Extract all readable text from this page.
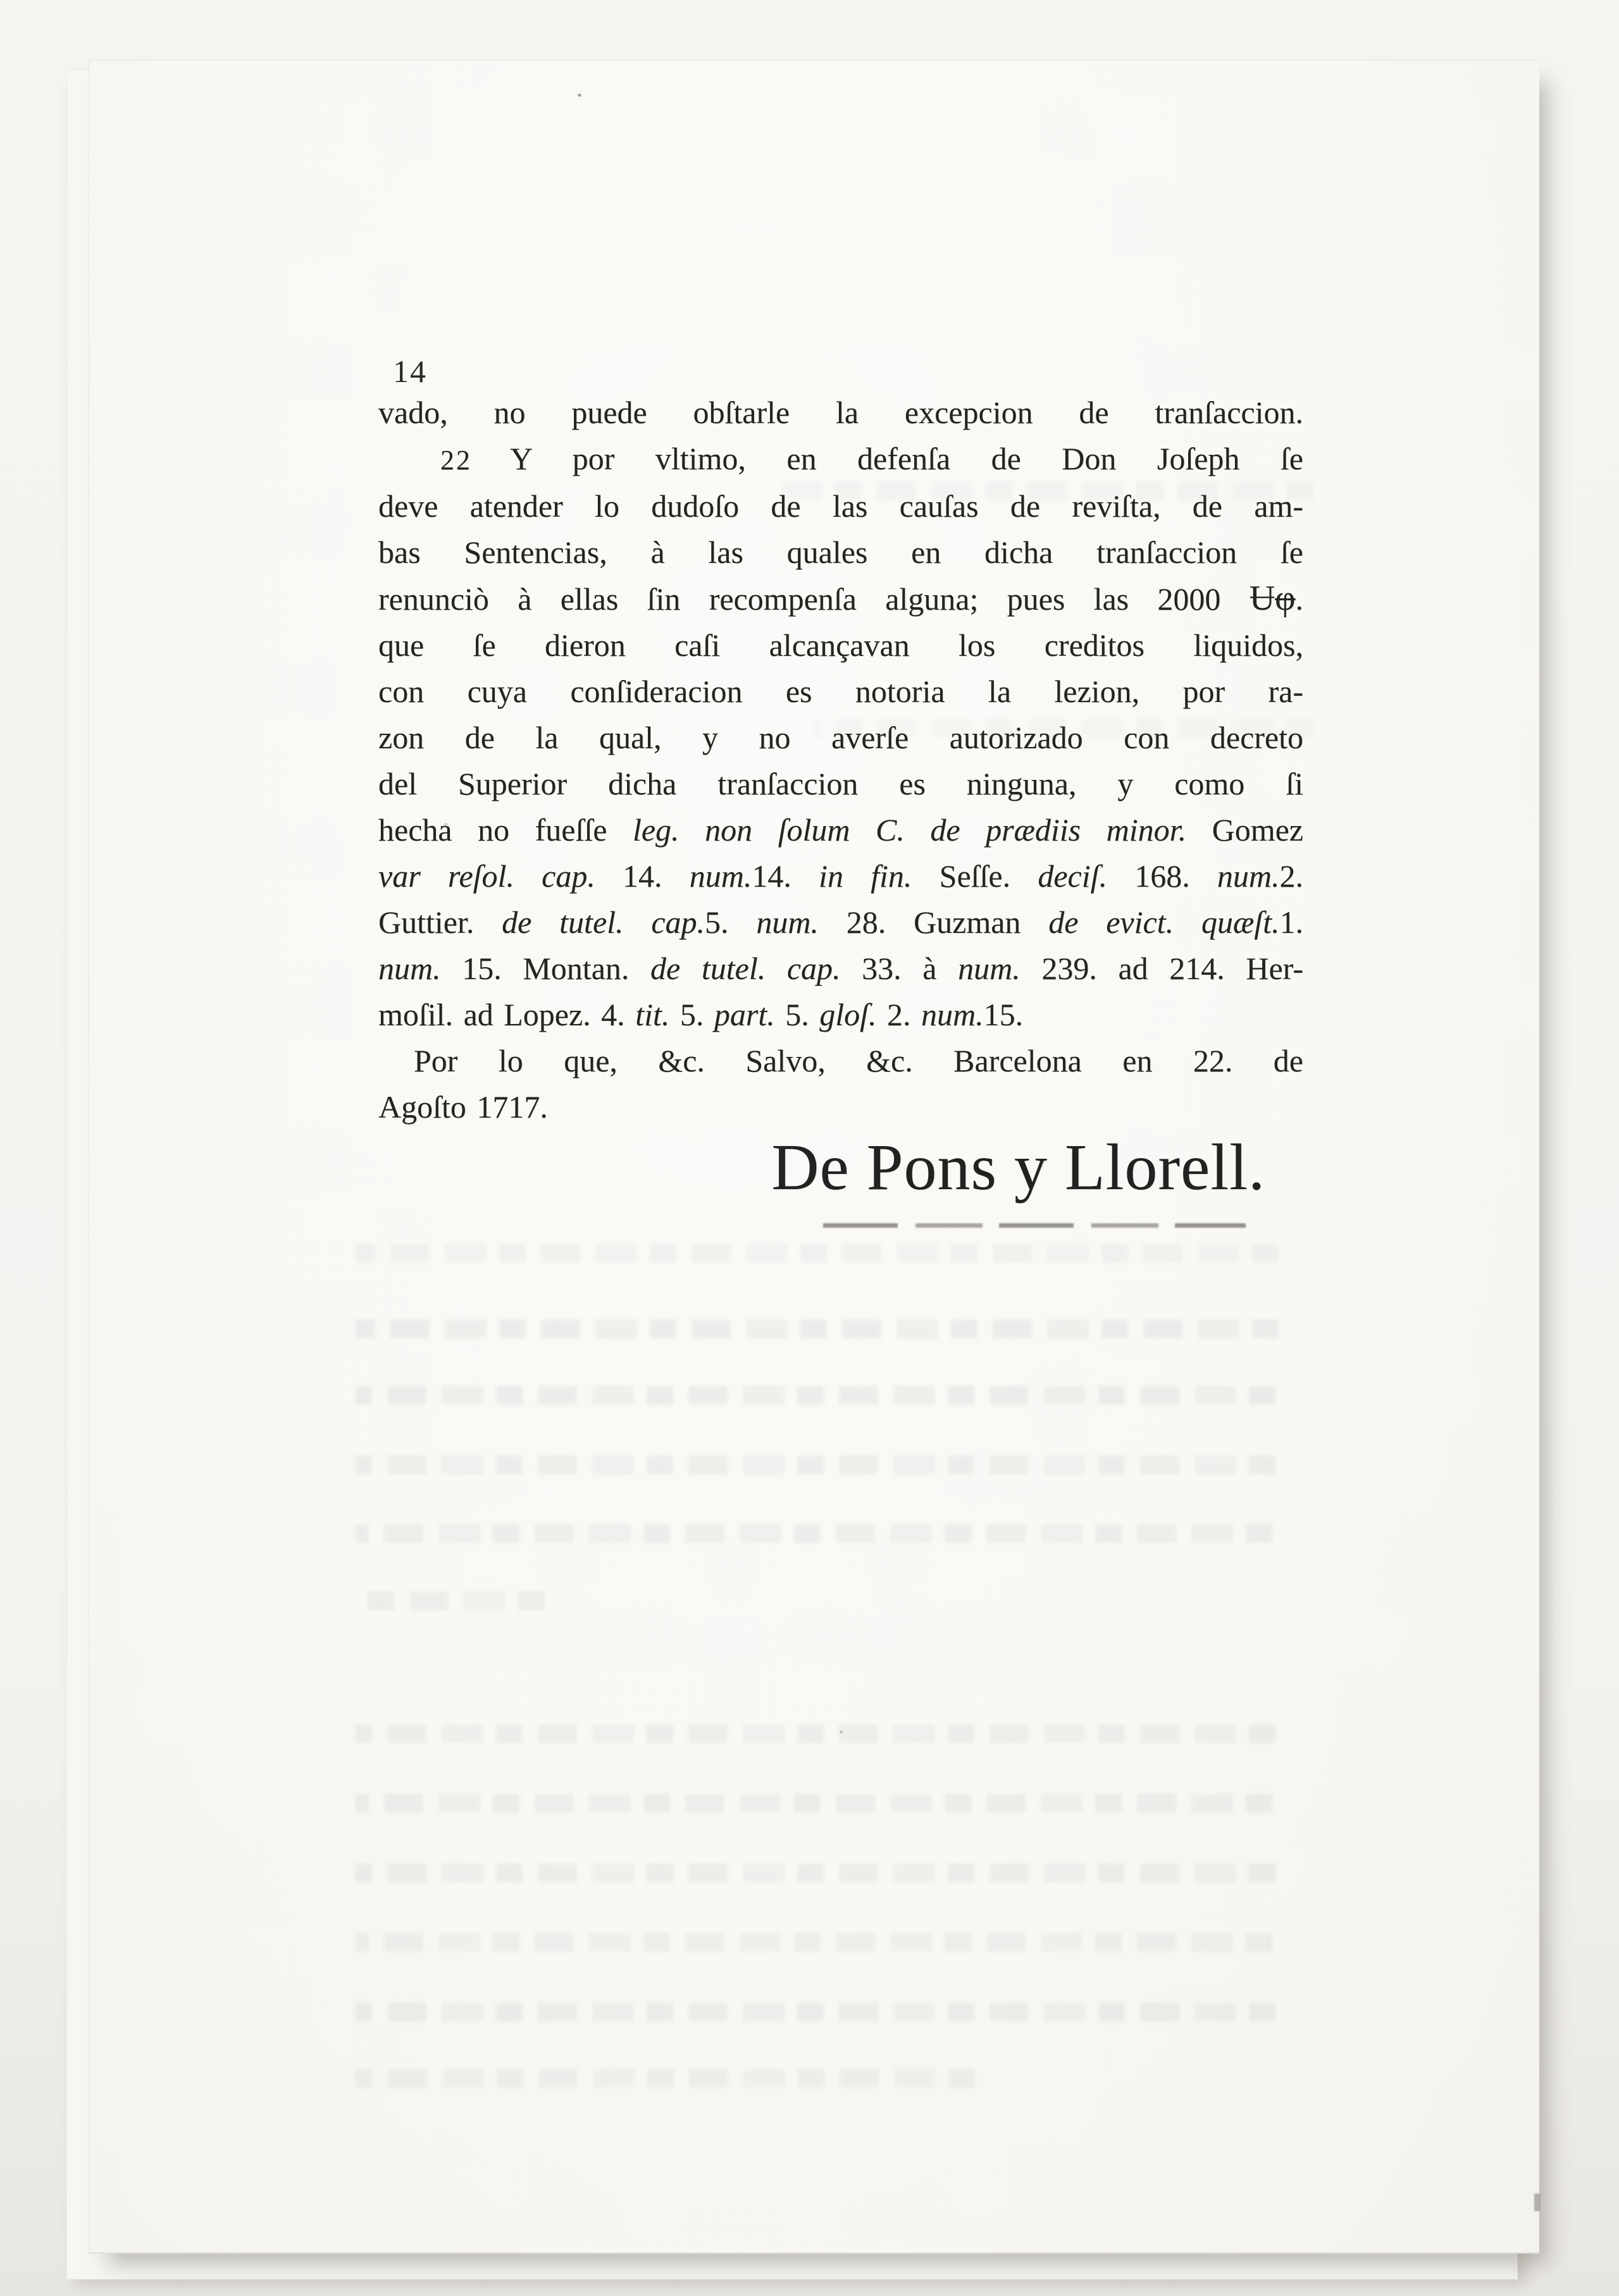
14
vado, no puede obſtarle la excepcion de tranſaccion.
22 Y por vltimo, en defenſa de Don Joſeph ſe
deve atender lo dudoſo de las cauſas de reviſta, de am-
bas Sentencias, à las quales en dicha tranſaccion ſe
renunciò à ellas ſin recompenſa alguna; pues las 2000 Ʉφ.
que ſe dieron caſi alcançavan los creditos liquidos,
con cuya conſideracion es notoria la lezion, por ra-
zon de la qual, y no averſe autorizado con decreto
del Superior dicha tranſaccion es ninguna, y como ſi
hecha no fueſſe leg. non ſolum C. de prædiis minor. Gomez
var reſol. cap. 14. num.14. in fin. Seſſe. deciſ. 168. num.2.
Guttier. de tutel. cap.5. num. 28. Guzman de evict. quæſt.1.
num. 15. Montan. de tutel. cap. 33. à num. 239. ad 214. Her-
moſil. ad Lopez. 4. tit. 5. part. 5. gloſ. 2. num.15.
Por lo que, &c. Salvo, &c. Barcelona en 22. de
Agoſto 1717.
De Pons y Llorell.
